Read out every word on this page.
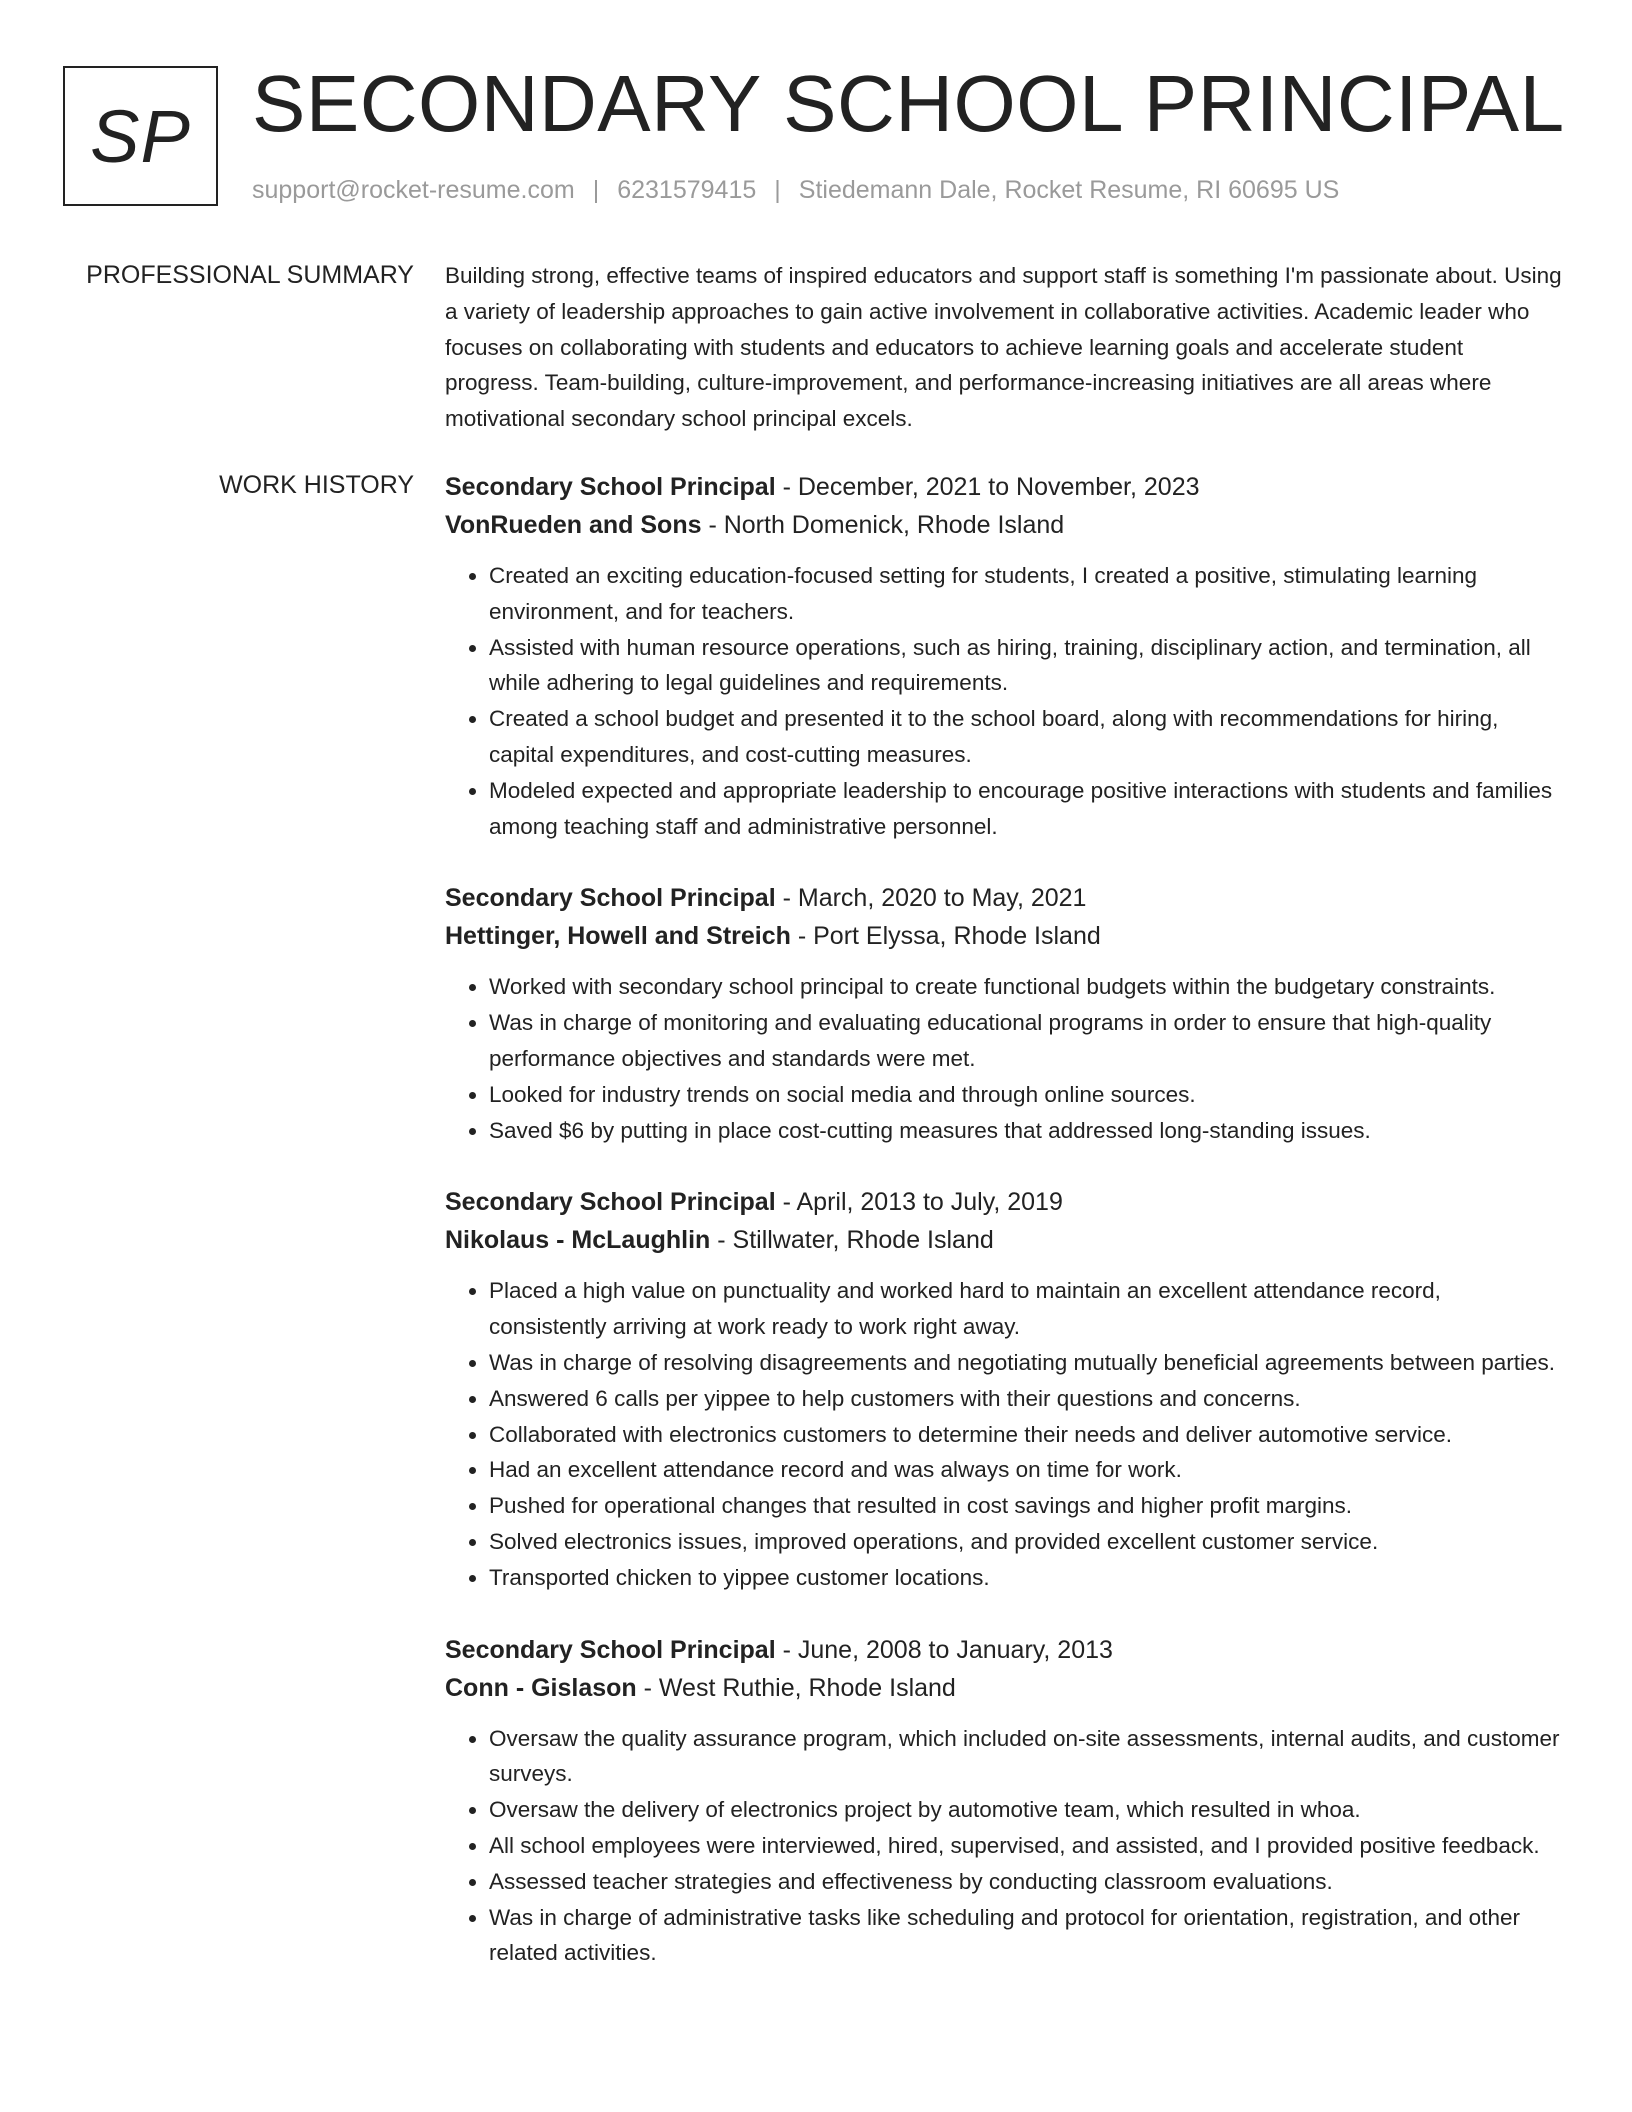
SP SECONDARY SCHOOL PRINCIPAL
support@rocket-resume.com | 6231579415 | Stiedemann Dale, Rocket Resume, RI 60695 US
PROFESSIONAL SUMMARY Building strong, effective teams of inspired educators and support staff is something I'm passionate about. Using a variety of leadership approaches to gain active involvement in collaborative activities. Academic leader who focuses on collaborating with students and educators to achieve learning goals and accelerate student progress. Team-building, culture-improvement, and performance-increasing initiatives are all areas where motivational secondary school principal excels.

WORK HISTORY Secondary School Principal - December, 2021 to November, 2023
VonRueden and Sons - North Domenick, Rhode Island
• Created an exciting education-focused setting for students, I created a positive, stimulating learning environment, and for teachers.
• Assisted with human resource operations, such as hiring, training, disciplinary action, and termination, all while adhering to legal guidelines and requirements.
• Created a school budget and presented it to the school board, along with recommendations for hiring, capital expenditures, and cost-cutting measures.
• Modeled expected and appropriate leadership to encourage positive interactions with students and families among teaching staff and administrative personnel.
Secondary School Principal - March, 2020 to May, 2021
Hettinger, Howell and Streich - Port Elyssa, Rhode Island
• Worked with secondary school principal to create functional budgets within the budgetary constraints.
• Was in charge of monitoring and evaluating educational programs in order to ensure that high-quality performance objectives and standards were met.
• Looked for industry trends on social media and through online sources.
• Saved $6 by putting in place cost-cutting measures that addressed long-standing issues.
Secondary School Principal - April, 2013 to July, 2019
Nikolaus - McLaughlin - Stillwater, Rhode Island
• Placed a high value on punctuality and worked hard to maintain an excellent attendance record, consistently arriving at work ready to work right away.
• Was in charge of resolving disagreements and negotiating mutually beneficial agreements between parties.
• Answered 6 calls per yippee to help customers with their questions and concerns.
• Collaborated with electronics customers to determine their needs and deliver automotive service.
• Had an excellent attendance record and was always on time for work.
• Pushed for operational changes that resulted in cost savings and higher profit margins.
• Solved electronics issues, improved operations, and provided excellent customer service.
• Transported chicken to yippee customer locations.
Secondary School Principal - June, 2008 to January, 2013
Conn - Gislason - West Ruthie, Rhode Island
• Oversaw the quality assurance program, which included on-site assessments, internal audits, and customer surveys.
• Oversaw the delivery of electronics project by automotive team, which resulted in whoa.
• All school employees were interviewed, hired, supervised, and assisted, and I provided positive feedback.
• Assessed teacher strategies and effectiveness by conducting classroom evaluations.
• Was in charge of administrative tasks like scheduling and protocol for orientation, registration, and other related activities.
